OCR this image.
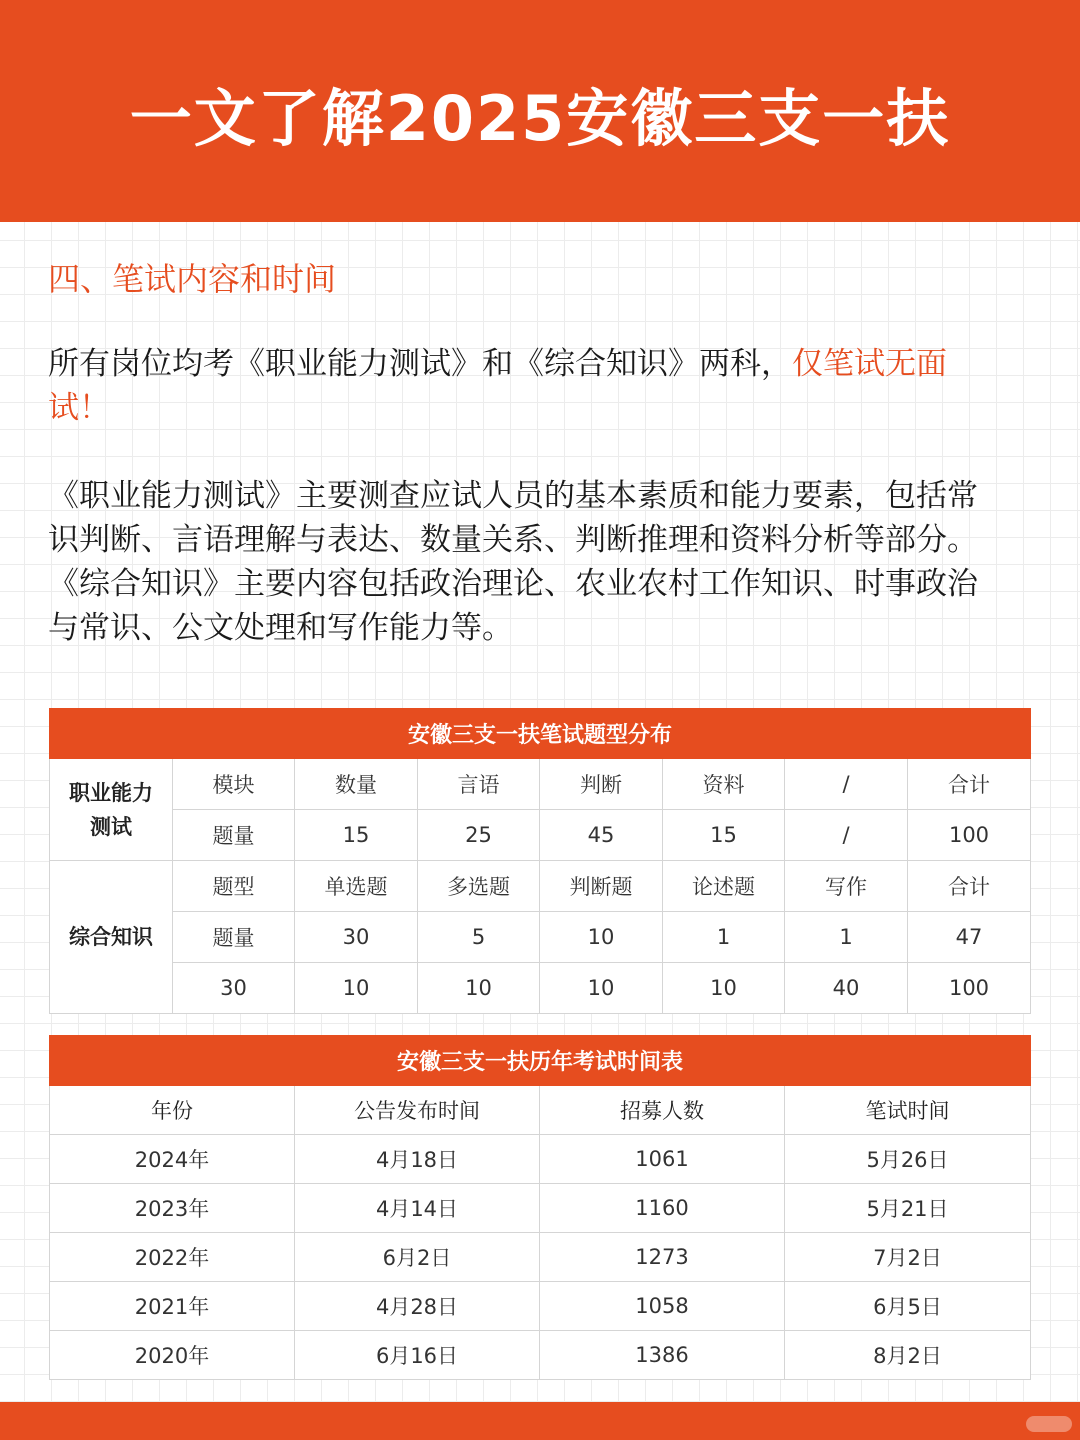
一文了解2025安徽三支一扶
四、笔试内容和时间

所有岗位均考《职业能力测试》和《综合知识》两科，仅笔试无面试！

《职业能力测试》主要测查应试人员的基本素质和能力要素，包括常识判断、言语理解与表达、数量关系、判断推理和资料分析等部分。
《综合知识》主要内容包括政治理论、农业农村工作知识、时事政治与常识、公文处理和写作能力等。
安徽三支一扶笔试题型分布							
职业能力测试	模块	数量	言语	判断	资料	/	合计
	题量	15	25	45	15	/	100
综合知识	题型	单选题	多选题	判断题	论述题	写作	合计
	题量	30	5	10	1	1	47
	30	10	10	10	10	40	100
安徽三支一扶历年考试时间表			
年份	公告发布时间	招募人数	笔试时间
2024年	4月18日	1061	5月26日
2023年	4月14日	1160	5月21日
2022年	6月2日	1273	7月2日
2021年	4月28日	1058	6月5日
2020年	6月16日	1386	8月2日
